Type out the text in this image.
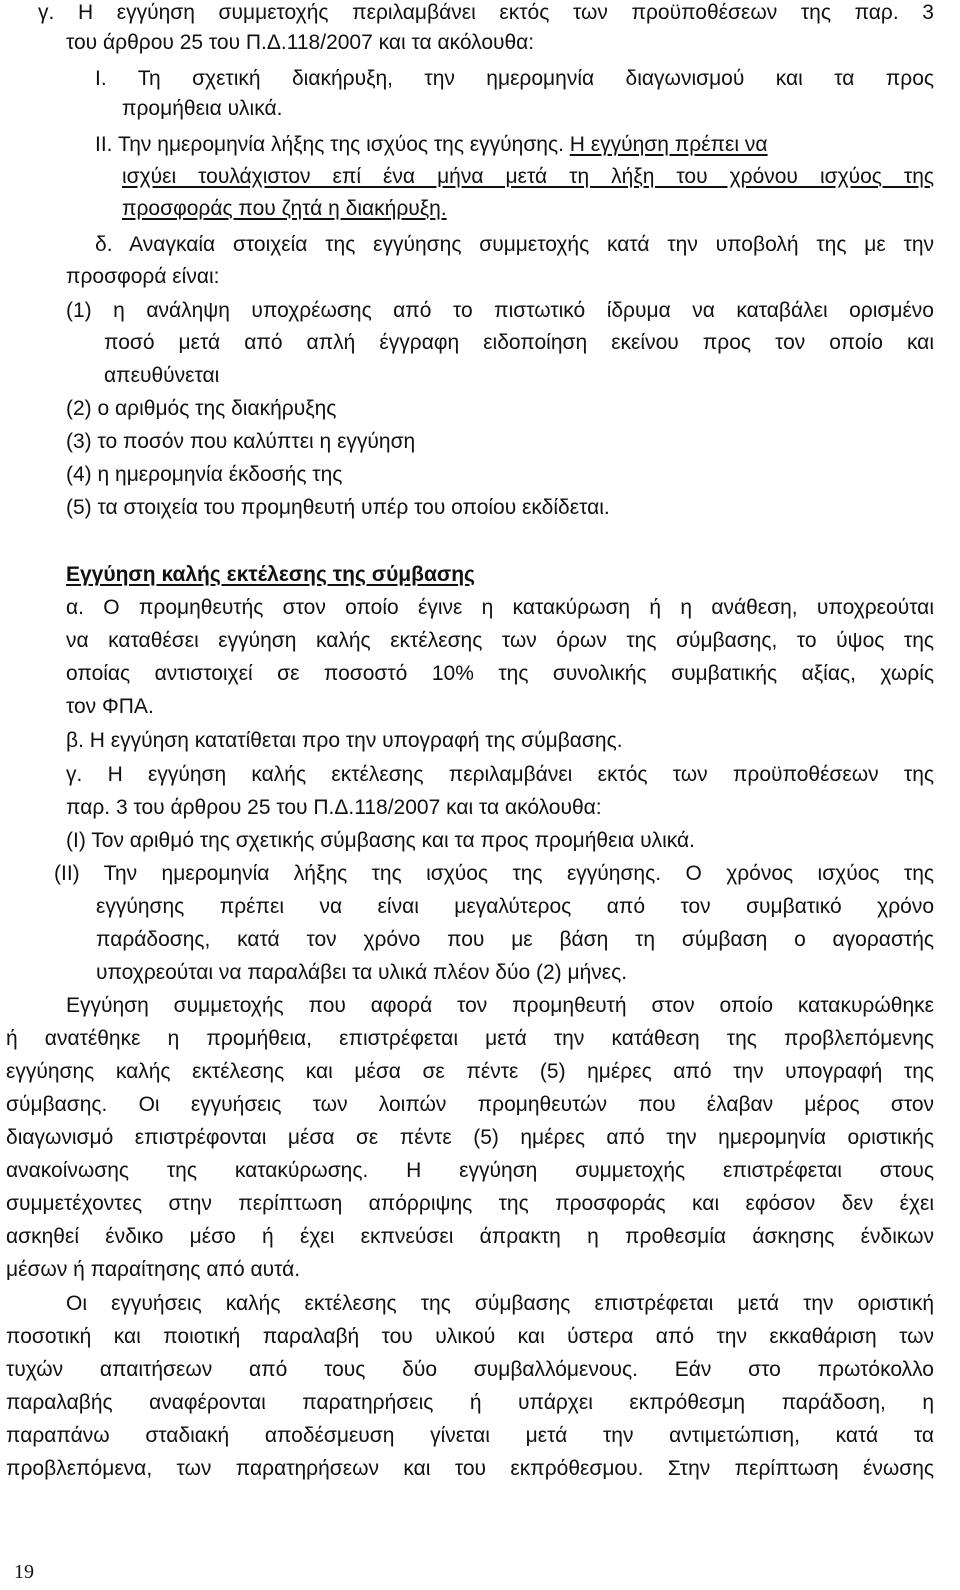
γ. Η εγγύηση συμμετοχής περιλαμβάνει εκτός των προϋποθέσεων της παρ. 3
του άρθρου 25 του Π.Δ.118/2007 και τα ακόλουθα:
Ι. Τη σχετική διακήρυξη, την ημερομηνία διαγωνισμού και τα προς
προμήθεια υλικά.
ΙΙ. Την ημερομηνία λήξης της ισχύος της εγγύησης. Η εγγύηση πρέπει να
ισχύει τουλάχιστον επί ένα μήνα μετά τη λήξη του χρόνου ισχύος της
προσφοράς που ζητά η διακήρυξη.
δ. Αναγκαία στοιχεία της εγγύησης συμμετοχής κατά την υποβολή της με την
προσφορά είναι:
(1) η ανάληψη υποχρέωσης από το πιστωτικό ίδρυμα να καταβάλει ορισμένο
ποσό μετά από απλή έγγραφη ειδοποίηση εκείνου προς τον οποίο και
απευθύνεται
(2) ο αριθμός της διακήρυξης
(3) το ποσόν που καλύπτει η εγγύηση
(4) η ημερομηνία έκδοσής της
(5) τα στοιχεία του προμηθευτή υπέρ του οποίου εκδίδεται.
Εγγύηση καλής εκτέλεσης της σύμβασης
α. Ο προμηθευτής στον οποίο έγινε η κατακύρωση ή η ανάθεση, υποχρεούται
να καταθέσει εγγύηση καλής εκτέλεσης των όρων της σύμβασης, το ύψος της
οποίας αντιστοιχεί σε ποσοστό 10% της συνολικής συμβατικής αξίας, χωρίς
τον ΦΠΑ.
β. Η εγγύηση κατατίθεται προ την υπογραφή της σύμβασης.
γ. Η εγγύηση καλής εκτέλεσης περιλαμβάνει εκτός των προϋποθέσεων της
παρ. 3 του άρθρου 25 του Π.Δ.118/2007 και τα ακόλουθα:
(Ι) Τον αριθμό της σχετικής σύμβασης και τα προς προμήθεια υλικά.
(ΙΙ) Την ημερομηνία λήξης της ισχύος της εγγύησης. Ο χρόνος ισχύος της
εγγύησης πρέπει να είναι μεγαλύτερος από τον συμβατικό χρόνο
παράδοσης, κατά τον χρόνο που με βάση τη σύμβαση ο αγοραστής
υποχρεούται να παραλάβει τα υλικά πλέον δύο (2) μήνες.
Εγγύηση συμμετοχής που αφορά τον προμηθευτή στον οποίο κατακυρώθηκε
ή ανατέθηκε η προμήθεια, επιστρέφεται μετά την κατάθεση της προβλεπόμενης
εγγύησης καλής εκτέλεσης και μέσα σε πέντε (5) ημέρες από την υπογραφή της
σύμβασης. Οι εγγυήσεις των λοιπών προμηθευτών που έλαβαν μέρος στον
διαγωνισμό επιστρέφονται μέσα σε πέντε (5) ημέρες από την ημερομηνία οριστικής
ανακοίνωσης της κατακύρωσης. Η εγγύηση συμμετοχής επιστρέφεται στους
συμμετέχοντες στην περίπτωση απόρριψης της προσφοράς και εφόσον δεν έχει
ασκηθεί ένδικο μέσο ή έχει εκπνεύσει άπρακτη η προθεσμία άσκησης ένδικων
μέσων ή παραίτησης από αυτά.
Οι εγγυήσεις καλής εκτέλεσης της σύμβασης επιστρέφεται μετά την οριστική
ποσοτική και ποιοτική παραλαβή του υλικού και ύστερα από την εκκαθάριση των
τυχών απαιτήσεων από τους δύο συμβαλλόμενους. Εάν στο πρωτόκολλο
παραλαβής αναφέρονται παρατηρήσεις ή υπάρχει εκπρόθεσμη παράδοση, η
παραπάνω σταδιακή αποδέσμευση γίνεται μετά την αντιμετώπιση, κατά τα
προβλεπόμενα, των παρατηρήσεων και του εκπρόθεσμου. Στην περίπτωση ένωσης
19
